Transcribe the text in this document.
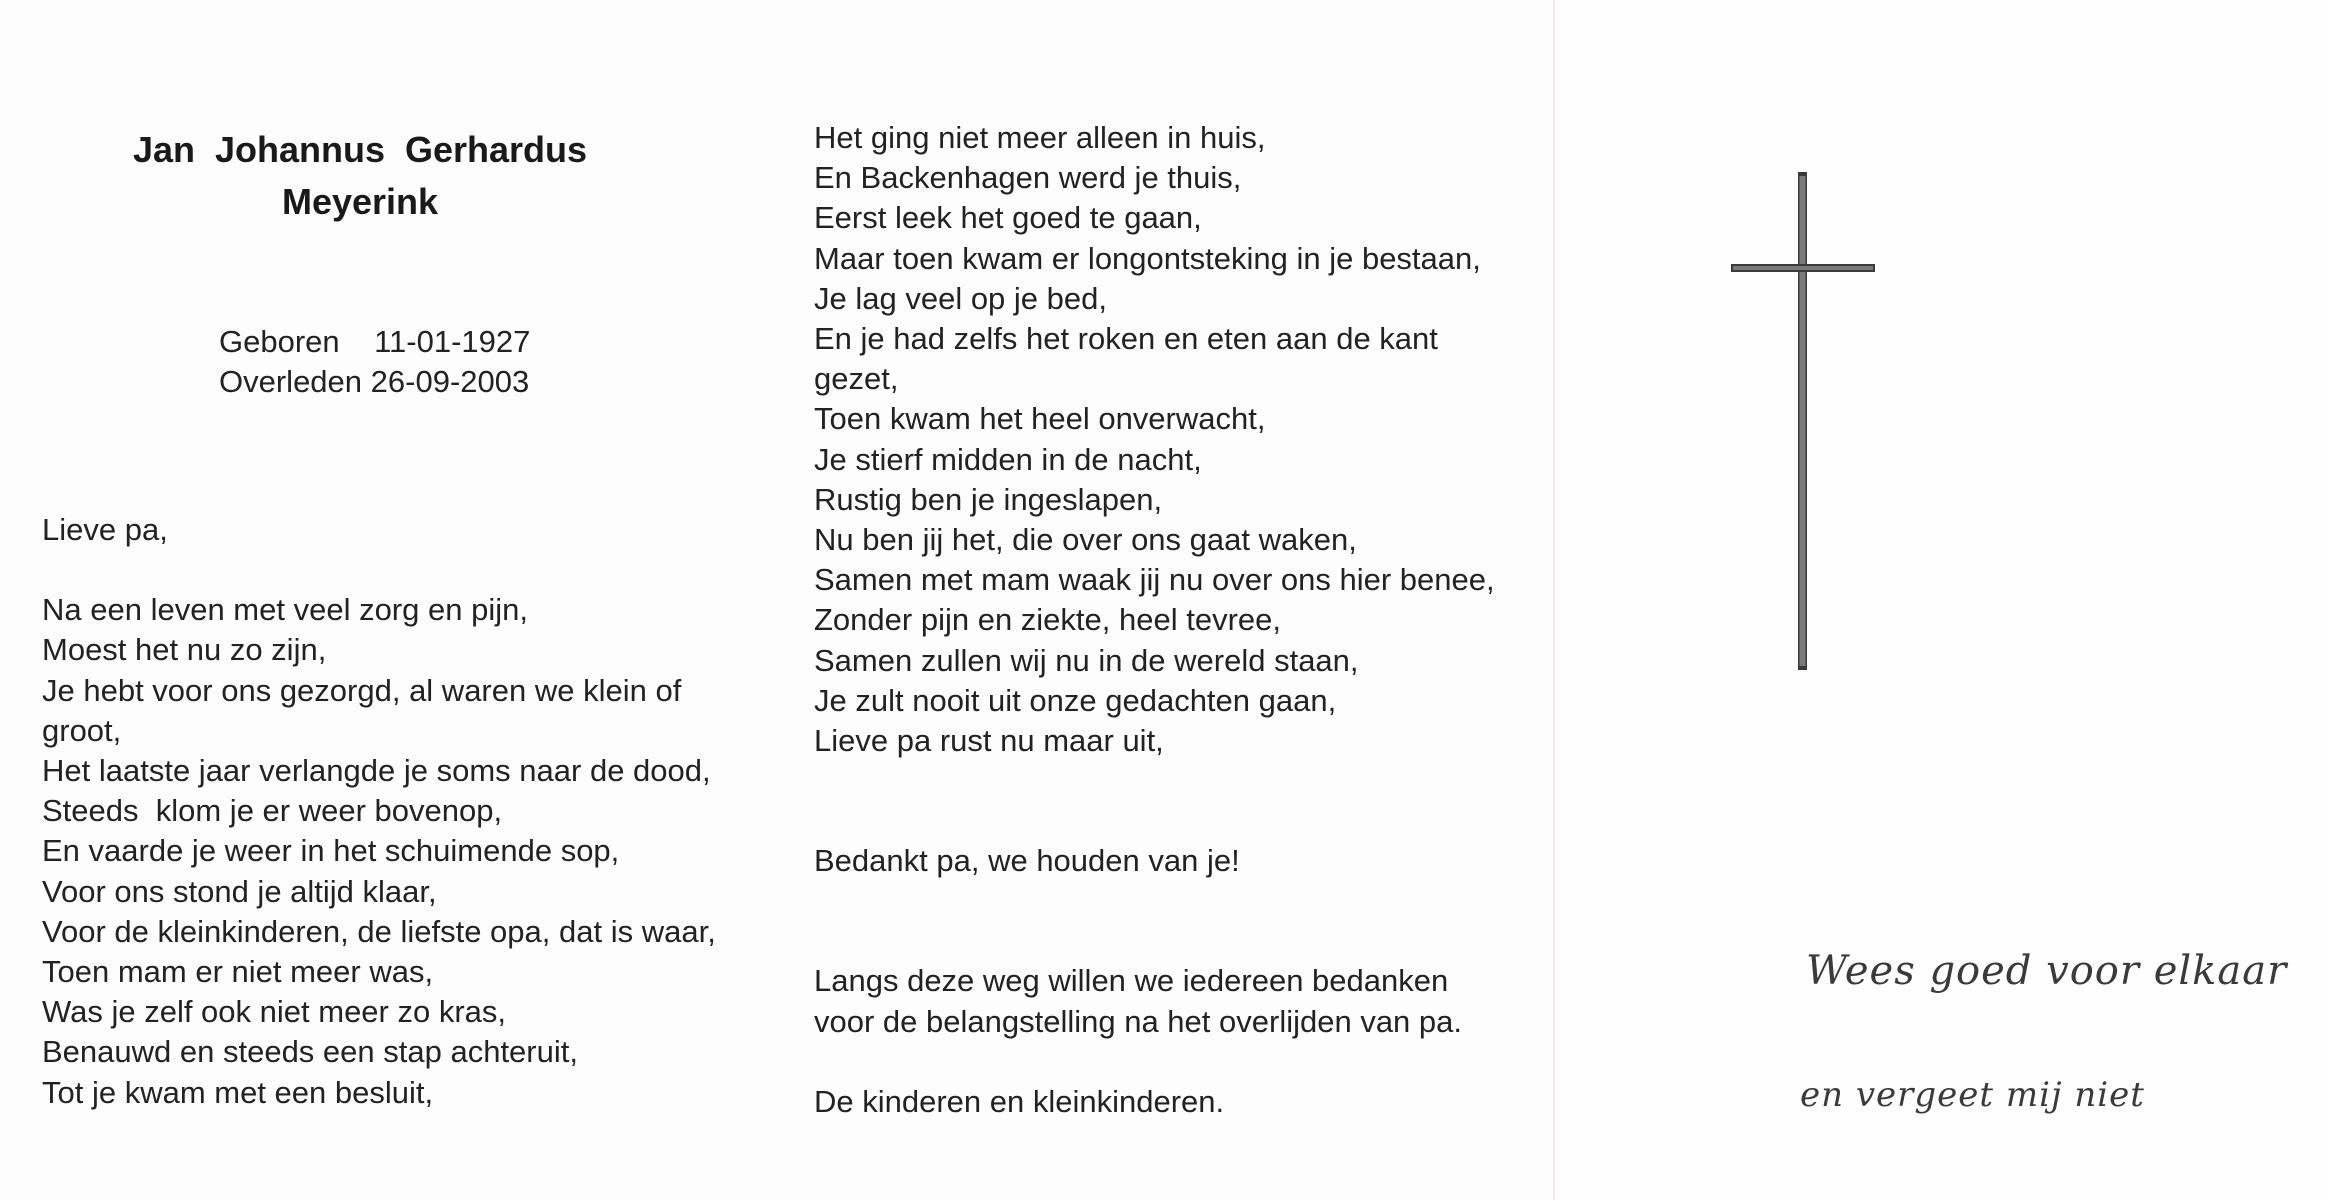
Jan  Johannus  Gerhardus
Meyerink
Geboren 11-01-1927
Overleden 26-09-2003
Lieve pa,
Na een leven met veel zorg en pijn,
Moest het nu zo zijn,
Je hebt voor ons gezorgd, al waren we klein of
groot,
Het laatste jaar verlangde je soms naar de dood,
Steeds  klom je er weer bovenop,
En vaarde je weer in het schuimende sop,
Voor ons stond je altijd klaar,
Voor de kleinkinderen, de liefste opa, dat is waar,
Toen mam er niet meer was,
Was je zelf ook niet meer zo kras,
Benauwd en steeds een stap achteruit,
Tot je kwam met een besluit,
Het ging niet meer alleen in huis,
En Backenhagen werd je thuis,
Eerst leek het goed te gaan,
Maar toen kwam er longontsteking in je bestaan,
Je lag veel op je bed,
En je had zelfs het roken en eten aan de kant
gezet,
Toen kwam het heel onverwacht,
Je stierf midden in de nacht,
Rustig ben je ingeslapen,
Nu ben jij het, die over ons gaat waken,
Samen met mam waak jij nu over ons hier benee,
Zonder pijn en ziekte, heel tevree,
Samen zullen wij nu in de wereld staan,
Je zult nooit uit onze gedachten gaan,
Lieve pa rust nu maar uit,
Bedankt pa, we houden van je!
Langs deze weg willen we iedereen bedanken
voor de belangstelling na het overlijden van pa.
De kinderen en kleinkinderen.
Wees goed voor elkaar
en vergeet mij niet
